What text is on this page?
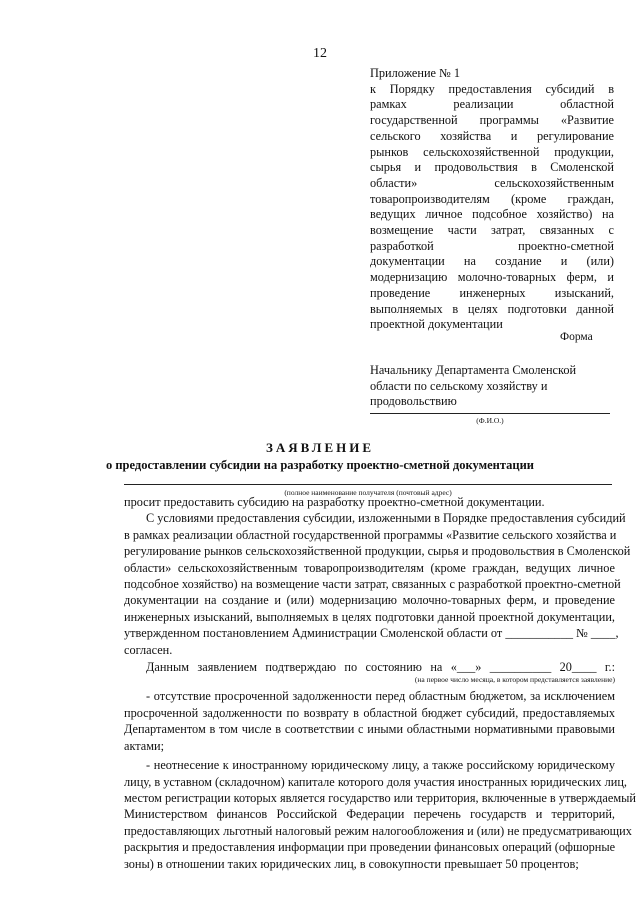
12
Приложение № 1
к Порядку предоставления субсидий в
рамках реализации областной
государственной программы «Развитие
сельского хозяйства и регулирование
рынков сельскохозяйственной продукции,
сырья и продовольствия в Смоленской
области» сельскохозяйственным
товаропроизводителям (кроме граждан,
ведущих личное подсобное хозяйство) на
возмещение части затрат, связанных с
разработкой проектно-сметной
документации на создание и (или)
модернизацию молочно-товарных ферм, и
проведение инженерных изысканий,
выполняемых в целях подготовки данной
проектной документации
Форма
Начальнику Департамента Смоленской
области по сельскому хозяйству и
продовольствию
(Ф.И.О.)
ЗАЯВЛЕНИЕ
о предоставлении субсидии на разработку проектно-сметной документации
(полное наименование получателя (почтовый адрес)
просит предоставить субсидию на разработку проектно-сметной документации.
С условиями предоставления субсидии, изложенными в Порядке предоставления субсидий
в рамках реализации областной государственной программы «Развитие сельского хозяйства и
регулирование рынков сельскохозяйственной продукции, сырья и продовольствия в Смоленской
области» сельскохозяйственным товаропроизводителям (кроме граждан, ведущих личное
подсобное хозяйство) на возмещение части затрат, связанных с разработкой проектно-сметной
документации на создание и (или) модернизацию молочно-товарных ферм, и проведение
инженерных изысканий, выполняемых в целях подготовки данной проектной документации,
утвержденном постановлением Администрации Смоленской области от ___________ № ____,
согласен.
Данным заявлением подтверждаю по состоянию на «___» __________ 20____ г.:
(на первое число месяца, в котором представляется заявление)
- отсутствие просроченной задолженности перед областным бюджетом, за исключением
просроченной задолженности по возврату в областной бюджет субсидий, предоставляемых
Департаментом в том числе в соответствии с иными областными нормативными правовыми
актами;
- неотнесение к иностранному юридическому лицу, а также российскому юридическому
лицу, в уставном (складочном) капитале которого доля участия иностранных юридических лиц,
местом регистрации которых является государство или территория, включенные в утверждаемый
Министерством финансов Российской Федерации перечень государств и территорий,
предоставляющих льготный налоговый режим налогообложения и (или) не предусматривающих
раскрытия и предоставления информации при проведении финансовых операций (офшорные
зоны) в отношении таких юридических лиц, в совокупности превышает 50 процентов;
